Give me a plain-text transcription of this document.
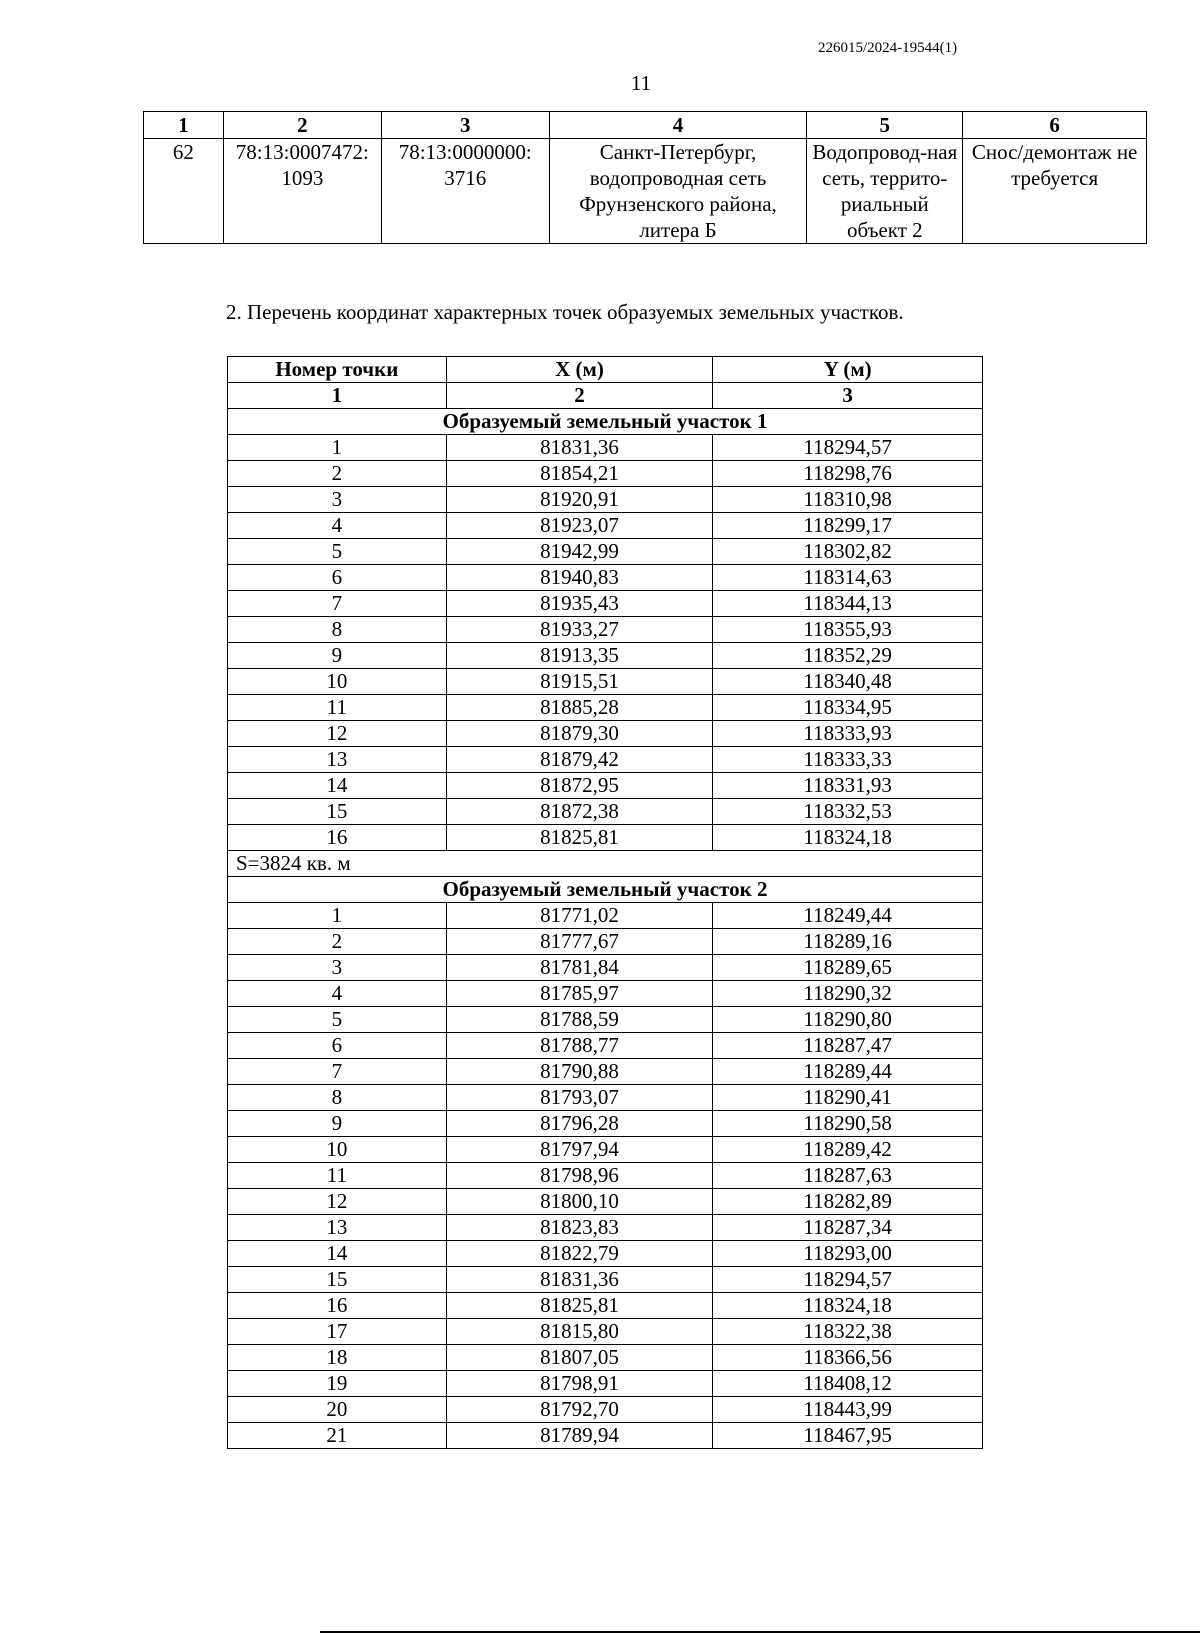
226015/2024-19544(1)
11
1	2	3	4	5	6
62	78:13:0007472: 1093	78:13:0000000: 3716	Санкт-Петербург, водопроводная сеть Фрунзенского района, литера Б	Водопровод-ная сеть, террито-риальный объект 2	Снос/демонтаж не требуется
2. Перечень координат характерных точек образуемых земельных участков.
Номер точки	X (м)	Y (м)
1	2	3
Образуемый земельный участок 1		
1	81831,36	118294,57
2	81854,21	118298,76
3	81920,91	118310,98
4	81923,07	118299,17
5	81942,99	118302,82
6	81940,83	118314,63
7	81935,43	118344,13
8	81933,27	118355,93
9	81913,35	118352,29
10	81915,51	118340,48
11	81885,28	118334,95
12	81879,30	118333,93
13	81879,42	118333,33
14	81872,95	118331,93
15	81872,38	118332,53
16	81825,81	118324,18
S=3824 кв. м		
Образуемый земельный участок 2		
1	81771,02	118249,44
2	81777,67	118289,16
3	81781,84	118289,65
4	81785,97	118290,32
5	81788,59	118290,80
6	81788,77	118287,47
7	81790,88	118289,44
8	81793,07	118290,41
9	81796,28	118290,58
10	81797,94	118289,42
11	81798,96	118287,63
12	81800,10	118282,89
13	81823,83	118287,34
14	81822,79	118293,00
15	81831,36	118294,57
16	81825,81	118324,18
17	81815,80	118322,38
18	81807,05	118366,56
19	81798,91	118408,12
20	81792,70	118443,99
21	81789,94	118467,95
